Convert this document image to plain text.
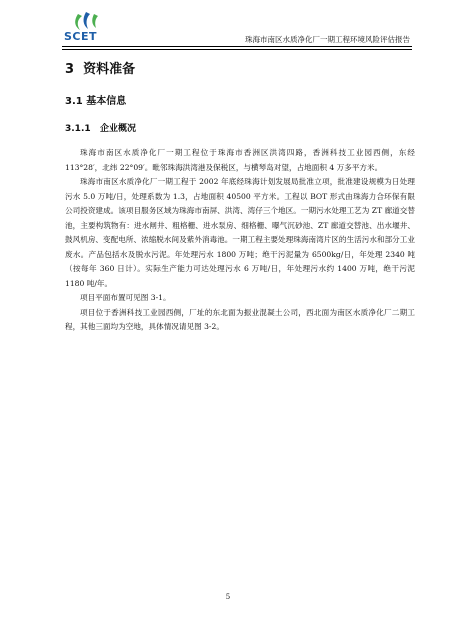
SCET	珠海市南区水质净化厂一期工程环境风险评估报告
3 资料准备
3.1 基本信息
3.1.1 企业概况

珠海市南区水质净化厂一期工程位于珠海市香洲区洪湾四路，香洲科技工业园西侧，东经 113°28′，北纬 22°09′。毗邻珠海洪湾港及保税区，与横琴岛对望，占地面积 4 万多平方米。

珠海市南区水质净化厂一期工程于 2002 年底经珠海计划发展局批准立项，批准建设规模为日处理污水 5.0 万吨/日，处理系数为 1.3，占地面积 40500 平方米。工程以 BOT 形式由珠海力合环保有限公司投资建成。该项目服务区域为珠海市南屏、洪湾、湾仔三个地区。一期污水处理工艺为 ZT 廊道交替池，主要构筑物有：进水闸井、粗格栅、进水泵房、细格栅、曝气沉砂池、ZT 廊道交替池、出水堰井、鼓风机房、变配电所、浓缩脱水间及紫外消毒池。一期工程主要处理珠海南湾片区的生活污水和部分工业废水。产品包括水及脱水污泥。年处理污水 1800 万吨；绝干污泥量为 6500kg/日，年处理 2340 吨（按每年 360 日计）。实际生产能力可达处理污水 6 万吨/日，年处理污水约 1400 万吨，绝干污泥 1180 吨/年。

项目平面布置可见图 3-1。

项目位于香洲科技工业园西侧，厂址的东北面为振业混凝土公司，西北面为南区水质净化厂二期工程，其他三面均为空地，具体情况请见图 3-2。

5
